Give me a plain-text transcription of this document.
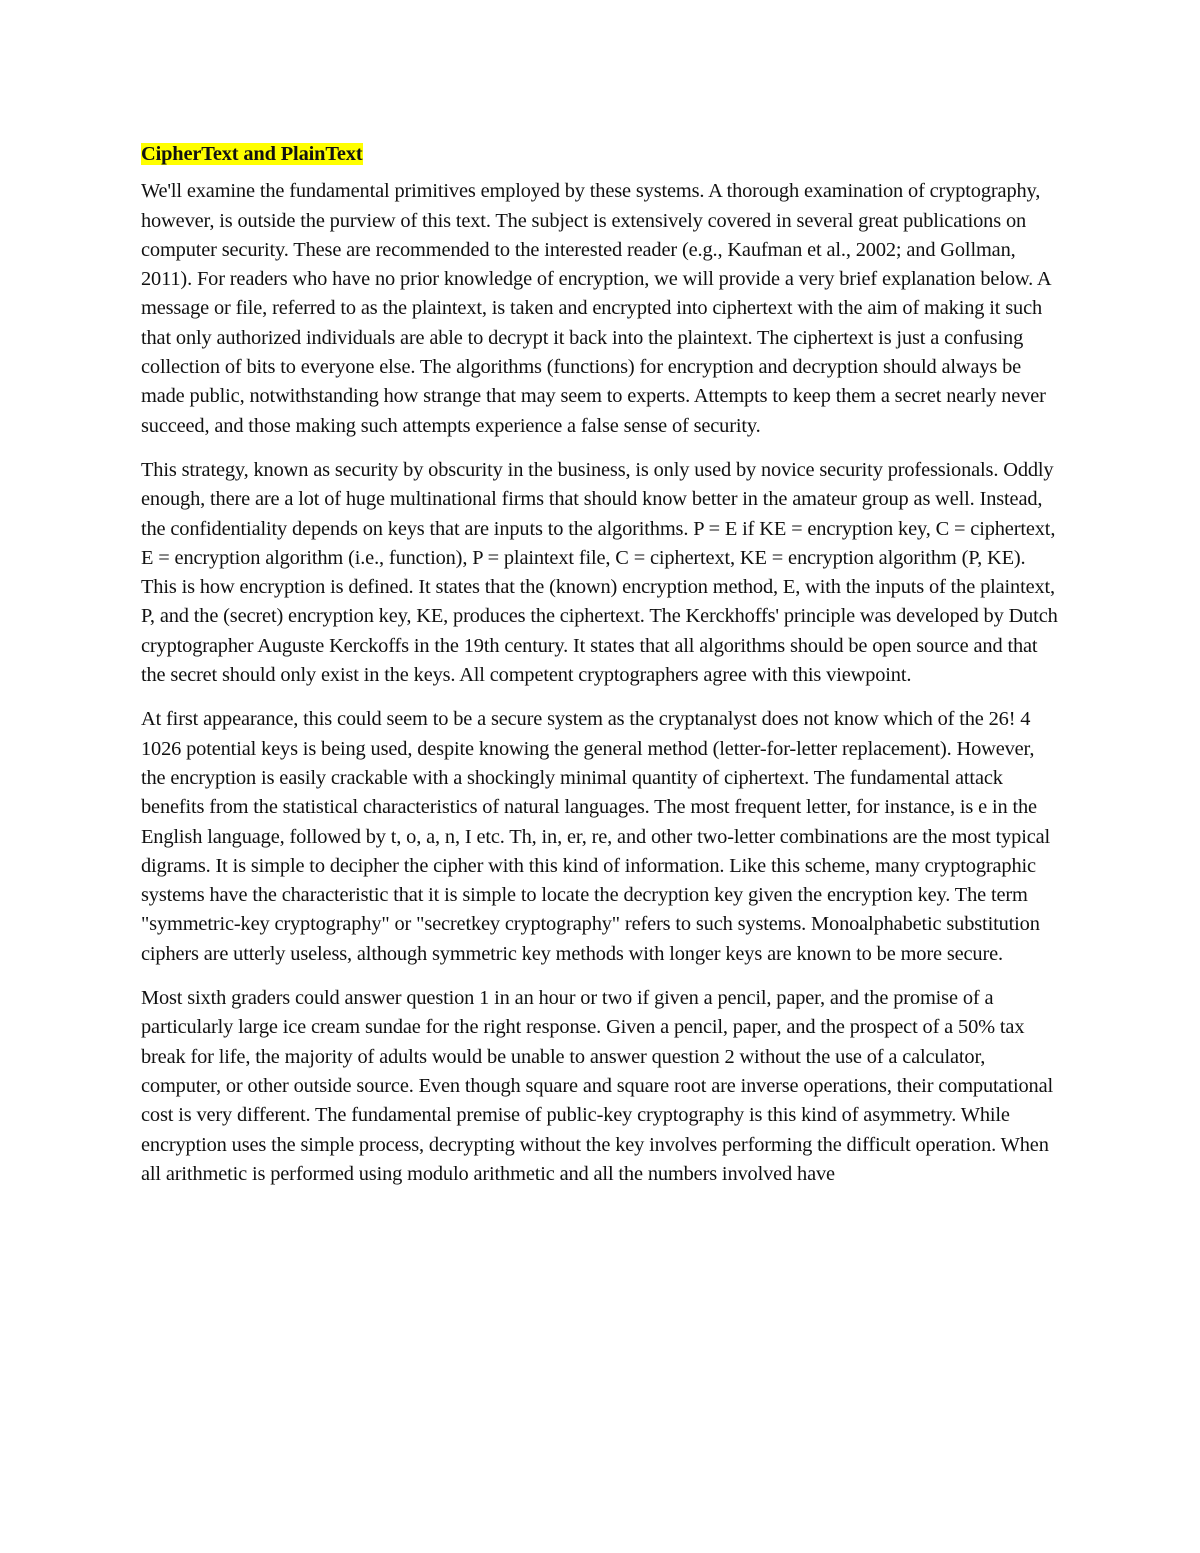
CipherText and PlainText

We'll examine the fundamental primitives employed by these systems. A thorough examination of cryptography, however, is outside the purview of this text. The subject is extensively covered in several great publications on computer security. These are recommended to the interested reader (e.g., Kaufman et al., 2002; and Gollman, 2011). For readers who have no prior knowledge of encryption, we will provide a very brief explanation below. A message or file, referred to as the plaintext, is taken and encrypted into ciphertext with the aim of making it such that only authorized individuals are able to decrypt it back into the plaintext. The ciphertext is just a confusing collection of bits to everyone else. The algorithms (functions) for encryption and decryption should always be made public, notwithstanding how strange that may seem to experts. Attempts to keep them a secret nearly never succeed, and those making such attempts experience a false sense of security.

This strategy, known as security by obscurity in the business, is only used by novice security professionals. Oddly enough, there are a lot of huge multinational firms that should know better in the amateur group as well. Instead, the confidentiality depends on keys that are inputs to the algorithms. P = E if KE = encryption key, C = ciphertext, E = encryption algorithm (i.e., function), P = plaintext file, C = ciphertext, KE = encryption algorithm (P, KE). This is how encryption is defined. It states that the (known) encryption method, E, with the inputs of the plaintext, P, and the (secret) encryption key, KE, produces the ciphertext. The Kerckhoffs' principle was developed by Dutch cryptographer Auguste Kerckoffs in the 19th century. It states that all algorithms should be open source and that the secret should only exist in the keys. All competent cryptographers agree with this viewpoint.

At first appearance, this could seem to be a secure system as the cryptanalyst does not know which of the 26! 4 1026 potential keys is being used, despite knowing the general method (letter-for-letter replacement). However, the encryption is easily crackable with a shockingly minimal quantity of ciphertext. The fundamental attack benefits from the statistical characteristics of natural languages. The most frequent letter, for instance, is e in the English language, followed by t, o, a, n, I etc. Th, in, er, re, and other two-letter combinations are the most typical digrams. It is simple to decipher the cipher with this kind of information. Like this scheme, many cryptographic systems have the characteristic that it is simple to locate the decryption key given the encryption key. The term "symmetric-key cryptography" or "secretkey cryptography" refers to such systems. Monoalphabetic substitution ciphers are utterly useless, although symmetric key methods with longer keys are known to be more secure.

Most sixth graders could answer question 1 in an hour or two if given a pencil, paper, and the promise of a particularly large ice cream sundae for the right response. Given a pencil, paper, and the prospect of a 50% tax break for life, the majority of adults would be unable to answer question 2 without the use of a calculator, computer, or other outside source. Even though square and square root are inverse operations, their computational cost is very different. The fundamental premise of public-key cryptography is this kind of asymmetry. While encryption uses the simple process, decrypting without the key involves performing the difficult operation. When all arithmetic is performed using modulo arithmetic and all the numbers involved have
